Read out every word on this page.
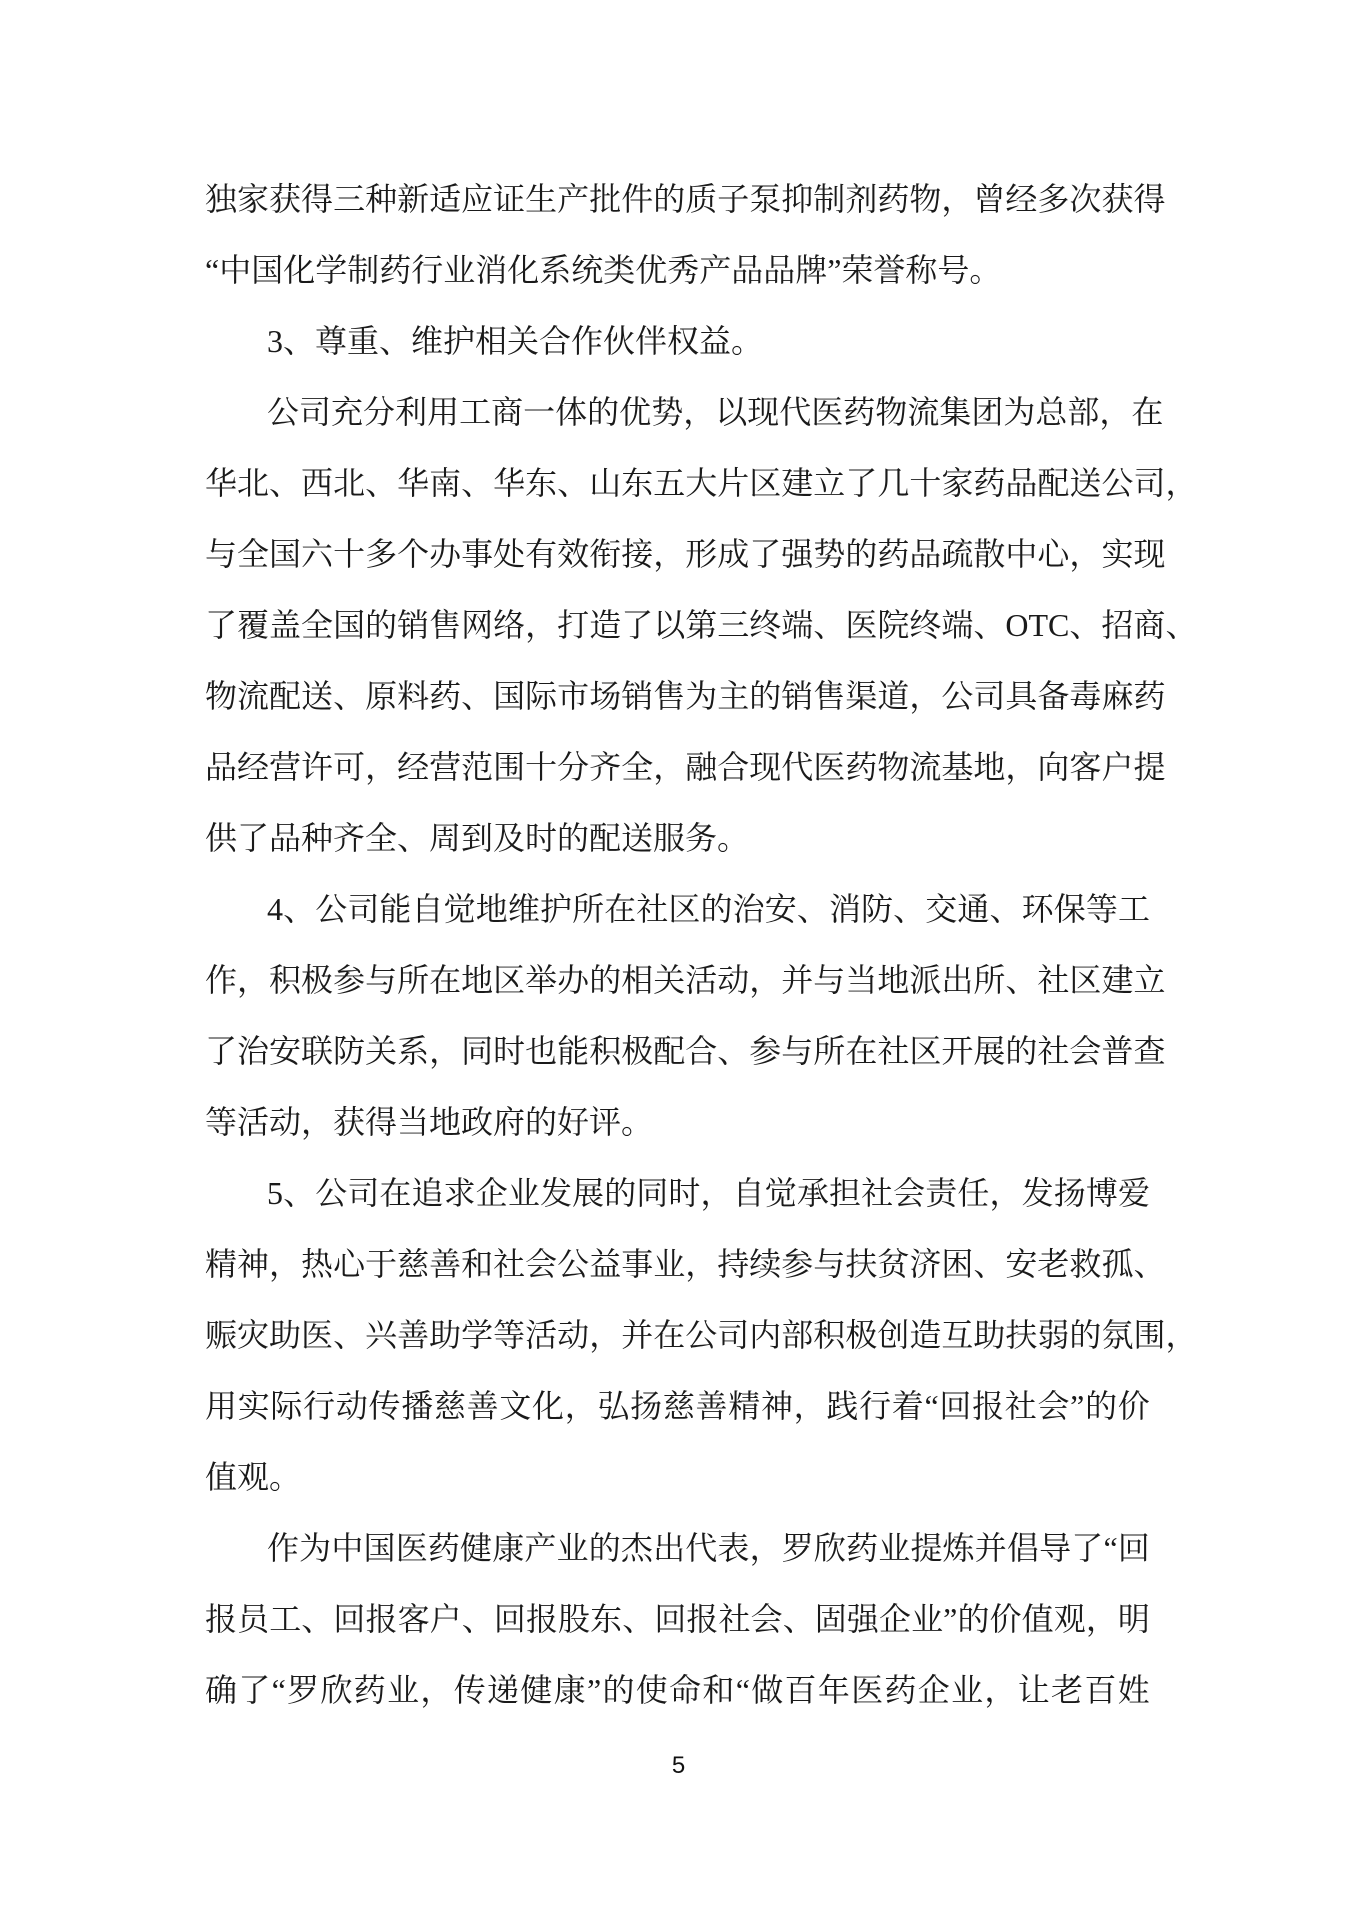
独 家 获 得 三 种 新 适 应 证 生 产 批 件 的 质 子 泵 抑 制 剂 药 物 ， 曾 经 多 次 获 得
“中国化学制药行业消化系统类优秀产品品牌”荣誉称号。
3、尊重、维护相关合作伙伴权益。
公 司 充 分 利 用 工 商 一 体 的 优 势 ， 以 现 代 医 药 物 流 集 团 为 总 部 ， 在
华 北 、 西 北 、 华 南 、 华 东 、 山 东 五 大 片 区 建 立 了 几 十 家 药 品 配 送 公 司 ，
与 全 国 六 十 多 个 办 事 处 有 效 衔 接 ， 形 成 了 强 势 的 药 品 疏 散 中 心 ， 实 现
了 覆 盖 全 国 的 销 售 网 络 ， 打 造 了 以 第 三 终 端 、 医 院 终 端 、 OTC 、 招 商 、
物 流 配 送 、 原 料 药 、 国 际 市 场 销 售 为 主 的 销 售 渠 道 ， 公 司 具 备 毒 麻 药
品 经 营 许 可 ， 经 营 范 围 十 分 齐 全 ， 融 合 现 代 医 药 物 流 基 地 ， 向 客 户 提
供了品种齐全、周到及时的配送服务。
4 、 公 司 能 自 觉 地 维 护 所 在 社 区 的 治 安 、 消 防 、 交 通 、 环 保 等 工
作 ， 积 极 参 与 所 在 地 区 举 办 的 相 关 活 动 ， 并 与 当 地 派 出 所 、 社 区 建 立
了 治 安 联 防 关 系 ， 同 时 也 能 积 极 配 合 、 参 与 所 在 社 区 开 展 的 社 会 普 查
等活动，获得当地政府的好评。
5 、 公 司 在 追 求 企 业 发 展 的 同 时 ， 自 觉 承 担 社 会 责 任 ， 发 扬 博 爱
精 神 ， 热 心 于 慈 善 和 社 会 公 益 事 业 ， 持 续 参 与 扶 贫 济 困 、 安 老 救 孤 、
赈 灾 助 医 、 兴 善 助 学 等 活 动 ， 并 在 公 司 内 部 积 极 创 造 互 助 扶 弱 的 氛 围 ，
用 实 际 行 动 传 播 慈 善 文 化 ， 弘 扬 慈 善 精 神 ， 践 行 着 “ 回 报 社 会 ” 的 价
值观。
作 为 中 国 医 药 健 康 产 业 的 杰 出 代 表 ， 罗 欣 药 业 提 炼 并 倡 导 了 “ 回
报 员 工 、 回 报 客 户 、 回 报 股 东 、 回 报 社 会 、 固 强 企 业 ” 的 价 值 观 ， 明
确 了 “ 罗 欣 药 业 ， 传 递 健 康 ” 的 使 命 和 “ 做 百 年 医 药 企 业 ， 让 老 百 姓
5
